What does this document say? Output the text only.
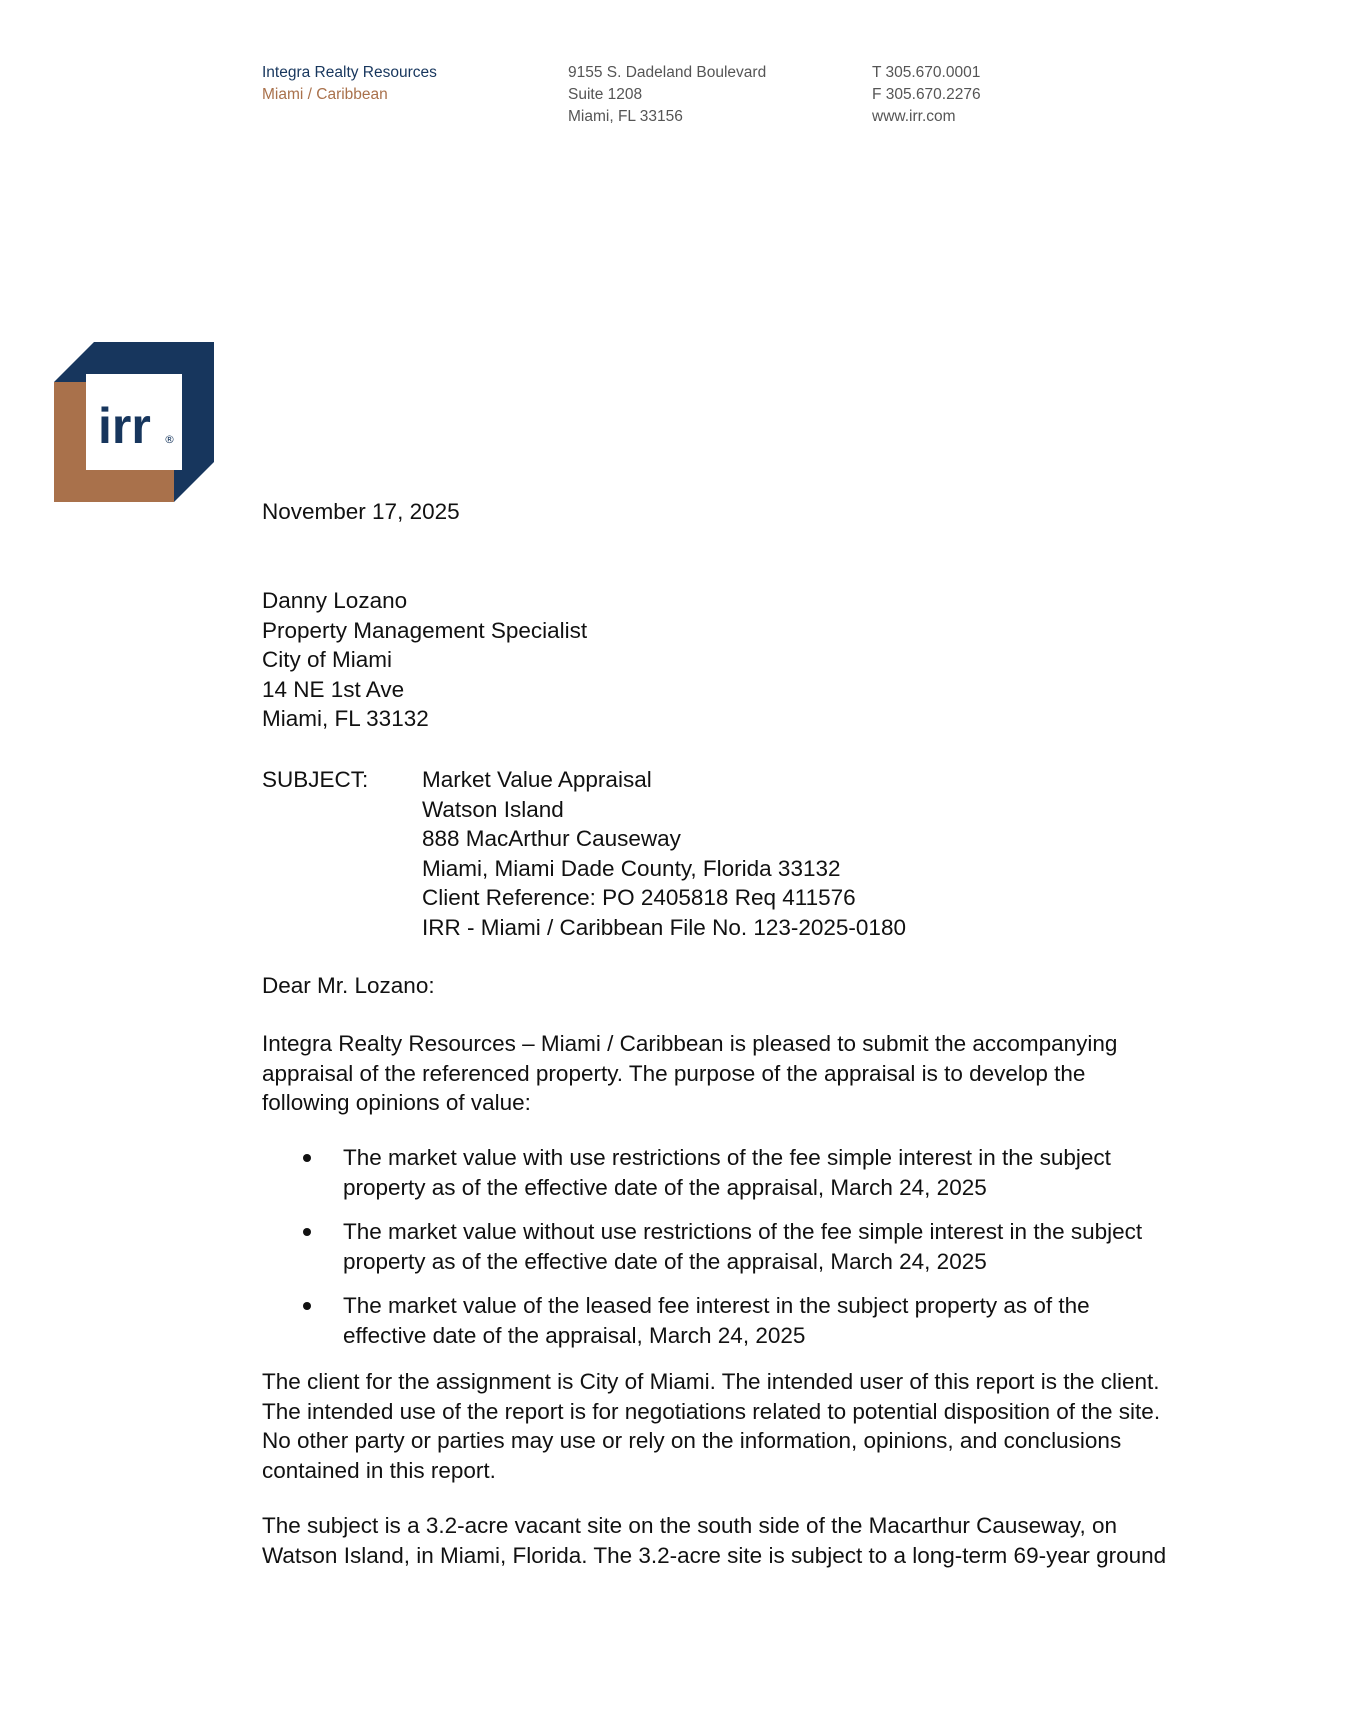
Integra Realty Resources
Miami / Caribbean
9155 S. Dadeland Boulevard
Suite 1208
Miami, FL 33156
T 305.670.0001
F 305.670.2276
www.irr.com
irr ®
November 17, 2025
Danny Lozano
Property Management Specialist
City of Miami
14 NE 1st Ave
Miami, FL 33132
SUBJECT: Market Value Appraisal
Watson Island
888 MacArthur Causeway
Miami, Miami Dade County, Florida 33132
Client Reference: PO 2405818 Req 411576
IRR - Miami / Caribbean File No. 123-2025-0180
Dear Mr. Lozano:

Integra Realty Resources – Miami / Caribbean is pleased to submit the accompanying appraisal of the referenced property. The purpose of the appraisal is to develop the following opinions of value:

The market value with use restrictions of the fee simple interest in the subject property as of the effective date of the appraisal, March 24, 2025
The market value without use restrictions of the fee simple interest in the subject property as of the effective date of the appraisal, March 24, 2025
The market value of the leased fee interest in the subject property as of the effective date of the appraisal, March 24, 2025

The client for the assignment is City of Miami. The intended user of this report is the client. The intended use of the report is for negotiations related to potential disposition of the site. No other party or parties may use or rely on the information, opinions, and conclusions contained in this report.

The subject is a 3.2-acre vacant site on the south side of the Macarthur Causeway, on Watson Island, in Miami, Florida. The 3.2-acre site is subject to a long-term 69-year ground
